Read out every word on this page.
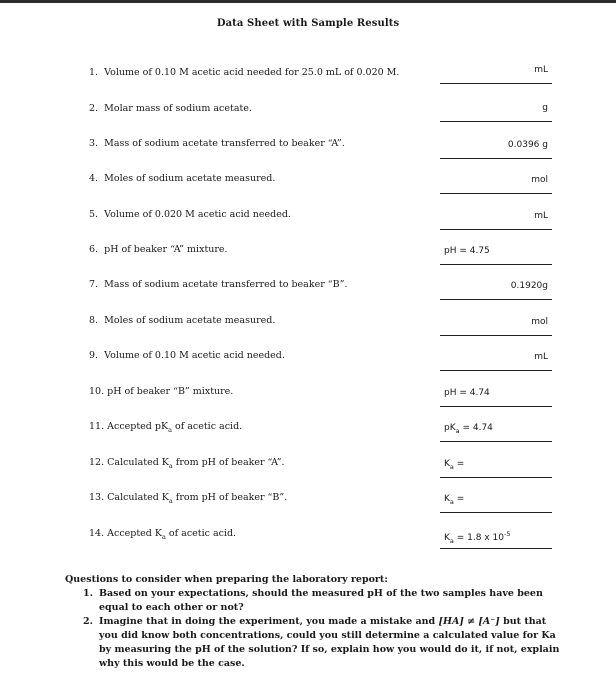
Data Sheet with Sample Results
1. Volume of 0.10 M acetic acid needed for 25.0 mL of 0.020 M.	mL
2. Molar mass of sodium acetate.	g
3. Mass of sodium acetate transferred to beaker “A”.	0.0396 g
4. Moles of sodium acetate measured.	mol
5. Volume of 0.020 M acetic acid needed.	mL
6. pH of beaker “A” mixture.	pH = 4.75
7. Mass of sodium acetate transferred to beaker “B”.	0.1920g
8. Moles of sodium acetate measured.	mol
9. Volume of 0.10 M acetic acid needed.	mL
10. pH of beaker “B” mixture.	pH = 4.74
11. Accepted $pK_a$ of acetic acid.	$pK_a = 4.74$
12. Calculated $K_a$ from pH of beaker “A”.	$K_a$ =
13. Calculated $K_a$ from pH of beaker “B”.	$K_a$ =
14. Accepted $K_a$ of acetic acid.	$K_a = 1.8$ x $10^{-5}$
Questions to consider when preparing the laboratory report:
1. Based on your expectations, should the measured pH of the two samples have been equal to each other or not?
2. Imagine that in doing the experiment, you made a mistake and [HA] ≠ [A⁻] but that you did know both concentrations, could you still determine a calculated value for Ka by measuring the pH of the solution? If so, explain how you would do it, if not, explain why this would be the case.
